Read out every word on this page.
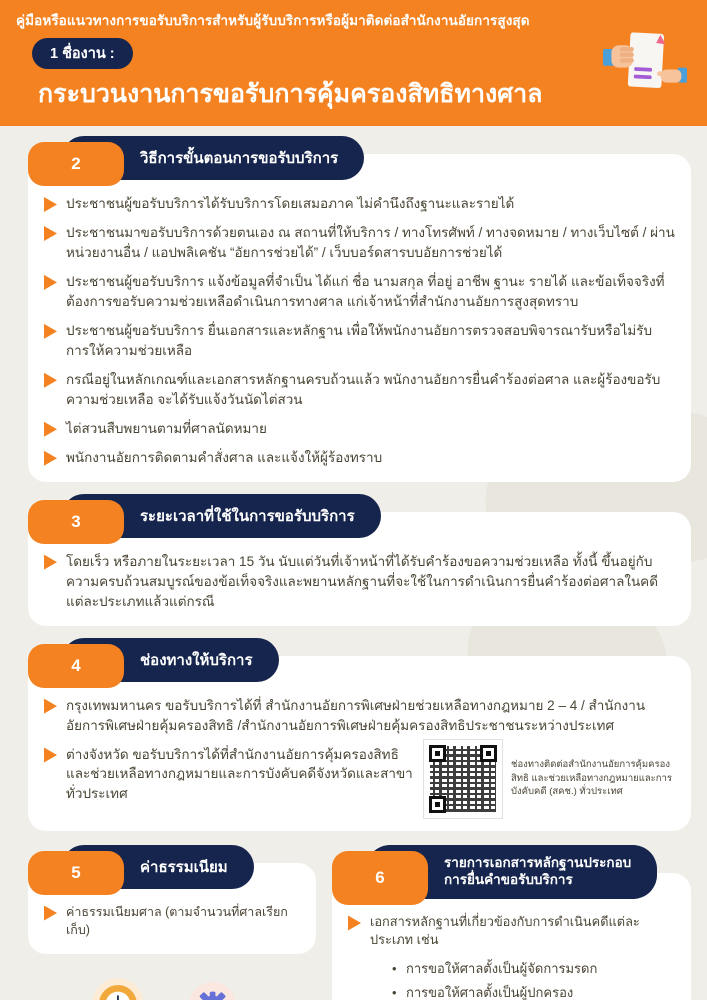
คู่มือหรือแนวทางการขอรับบริการสำหรับผู้รับบริการหรือผู้มาติดต่อสำนักงานอัยการสูงสุด
1 ชื่องาน :
กระบวนงานการขอรับการคุ้มครองสิทธิทางศาล
วิธีการขั้นตอนการขอรับบริการ
2

ประชาชนผู้ขอรับบริการได้รับบริการโดยเสมอภาค ไม่คำนึงถึงฐานะและรายได้

ประชาชนมาขอรับบริการด้วยตนเอง ณ สถานที่ให้บริการ / ทางโทรศัพท์ / ทางจดหมาย / ทางเว็บไซต์ / ผ่านหน่วยงานอื่น / แอปพลิเคชัน “อัยการช่วยได้” / เว็บบอร์ดสารบบอัยการช่วยได้

ประชาชนผู้ขอรับบริการ แจ้งข้อมูลที่จำเป็น ได้แก่ ชื่อ นามสกุล ที่อยู่ อาชีพ ฐานะ รายได้ และข้อเท็จจริงที่ต้องการขอรับความช่วยเหลือดำเนินการทางศาล แก่เจ้าหน้าที่สำนักงานอัยการสูงสุดทราบ

ประชาชนผู้ขอรับบริการ ยื่นเอกสารและหลักฐาน เพื่อให้พนักงานอัยการตรวจสอบพิจารณารับหรือไม่รับ การให้ความช่วยเหลือ

กรณีอยู่ในหลักเกณฑ์และเอกสารหลักฐานครบถ้วนแล้ว พนักงานอัยการยื่นคำร้องต่อศาล และผู้ร้องขอรับความช่วยเหลือ จะได้รับแจ้งวันนัดไต่สวน

ไต่สวนสืบพยานตามที่ศาลนัดหมาย

พนักงานอัยการติดตามคำสั่งศาล และแจ้งให้ผู้ร้องทราบ

ระยะเวลาที่ใช้ในการขอรับบริการ
3

โดยเร็ว หรือภายในระยะเวลา 15 วัน นับแต่วันที่เจ้าหน้าที่ได้รับคำร้องขอความช่วยเหลือ ทั้งนี้ ขึ้นอยู่กับความครบถ้วนสมบูรณ์ของข้อเท็จจริงและพยานหลักฐานที่จะใช้ในการดำเนินการยื่นคำร้องต่อศาลในคดีแต่ละประเภทแล้วแต่กรณี

ช่องทางให้บริการ
4

กรุงเทพมหานคร ขอรับบริการได้ที่ สำนักงานอัยการพิเศษฝ่ายช่วยเหลือทางกฎหมาย 2 – 4 / สำนักงานอัยการพิเศษฝ่ายคุ้มครองสิทธิ /สำนักงานอัยการพิเศษฝ่ายคุ้มครองสิทธิประชาชนระหว่างประเทศ

ต่างจังหวัด ขอรับบริการได้ที่สำนักงานอัยการคุ้มครองสิทธิ และช่วยเหลือทางกฎหมายและการบังคับคดีจังหวัดและสาขาทั่วประเทศ

ช่องทางติดต่อสำนักงานอัยการคุ้มครองสิทธิ และช่วยเหลือทางกฎหมายและการบังคับคดี (สคช.) ทั่วประเทศ
ค่าธรรมเนียม
5

ค่าธรรมเนียมศาล (ตามจำนวนที่ศาลเรียกเก็บ)

รายการเอกสารหลักฐานประกอบ
การยื่นคำขอรับบริการ
6

เอกสารหลักฐานที่เกี่ยวข้องกับการดำเนินคดีแต่ละประเภท เช่น

• การขอให้ศาลตั้งเป็นผู้จัดการมรดก
• การขอให้ศาลตั้งเป็นผู้ปกครอง
